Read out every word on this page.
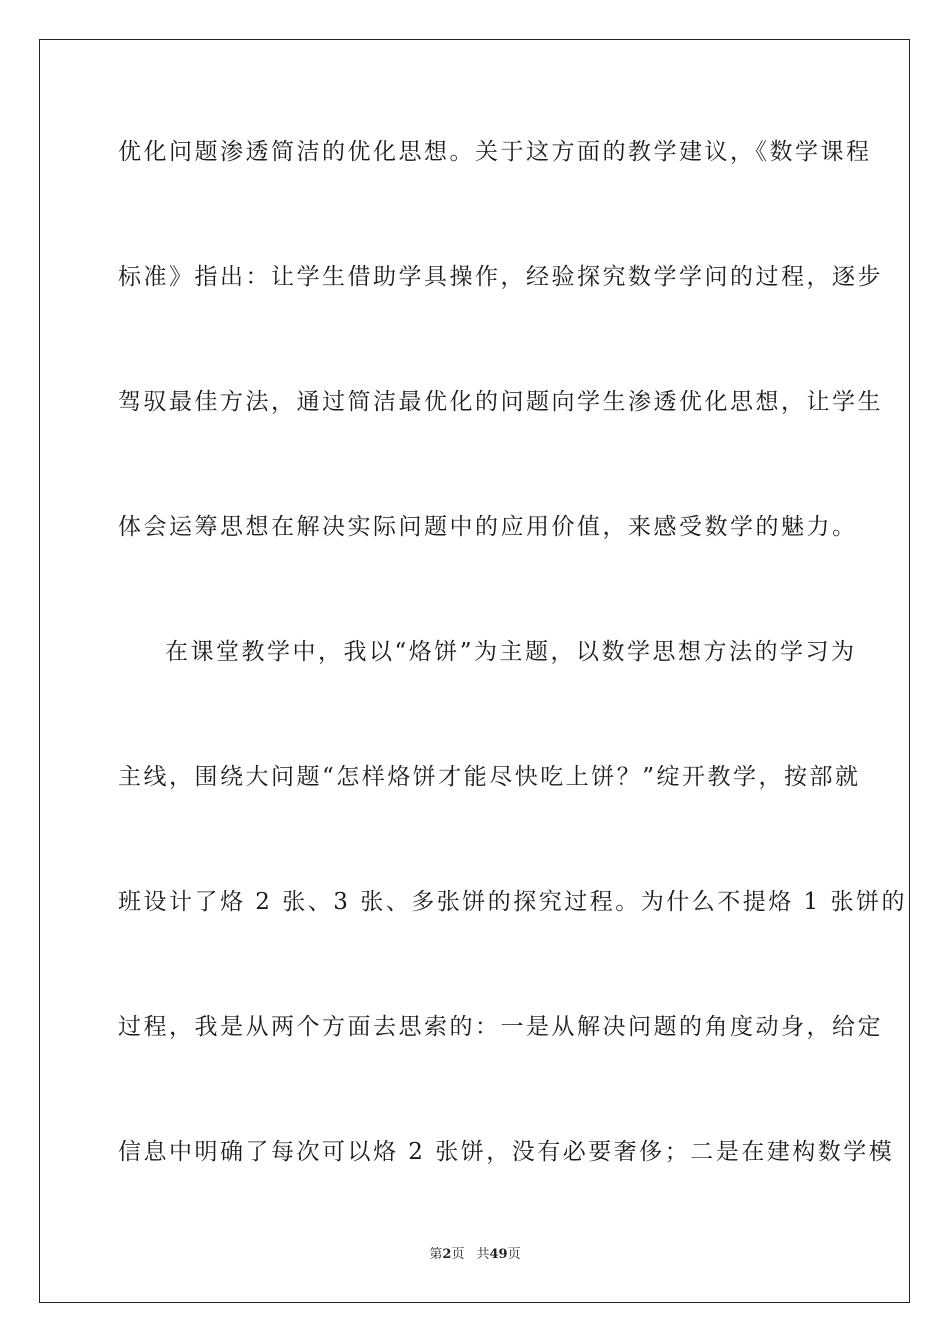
优化问题渗透简洁的优化思想。关于这方面的教学建议，《数学课程
标准》指出：让学生借助学具操作，经验探究数学学问的过程，逐步
驾驭最佳方法，通过简洁最优化的问题向学生渗透优化思想，让学生
体会运筹思想在解决实际问题中的应用价值，来感受数学的魅力。
在课堂教学中，我以“烙饼”为主题，以数学思想方法的学习为
主线，围绕大问题“怎样烙饼才能尽快吃上饼？”绽开教学，按部就
班设计了烙 2 张、3 张、多张饼的探究过程。为什么不提烙 1 张饼的
过程，我是从两个方面去思索的：一是从解决问题的角度动身，给定
信息中明确了每次可以烙 2 张饼，没有必要奢侈；二是在建构数学模
第2页 共49页
